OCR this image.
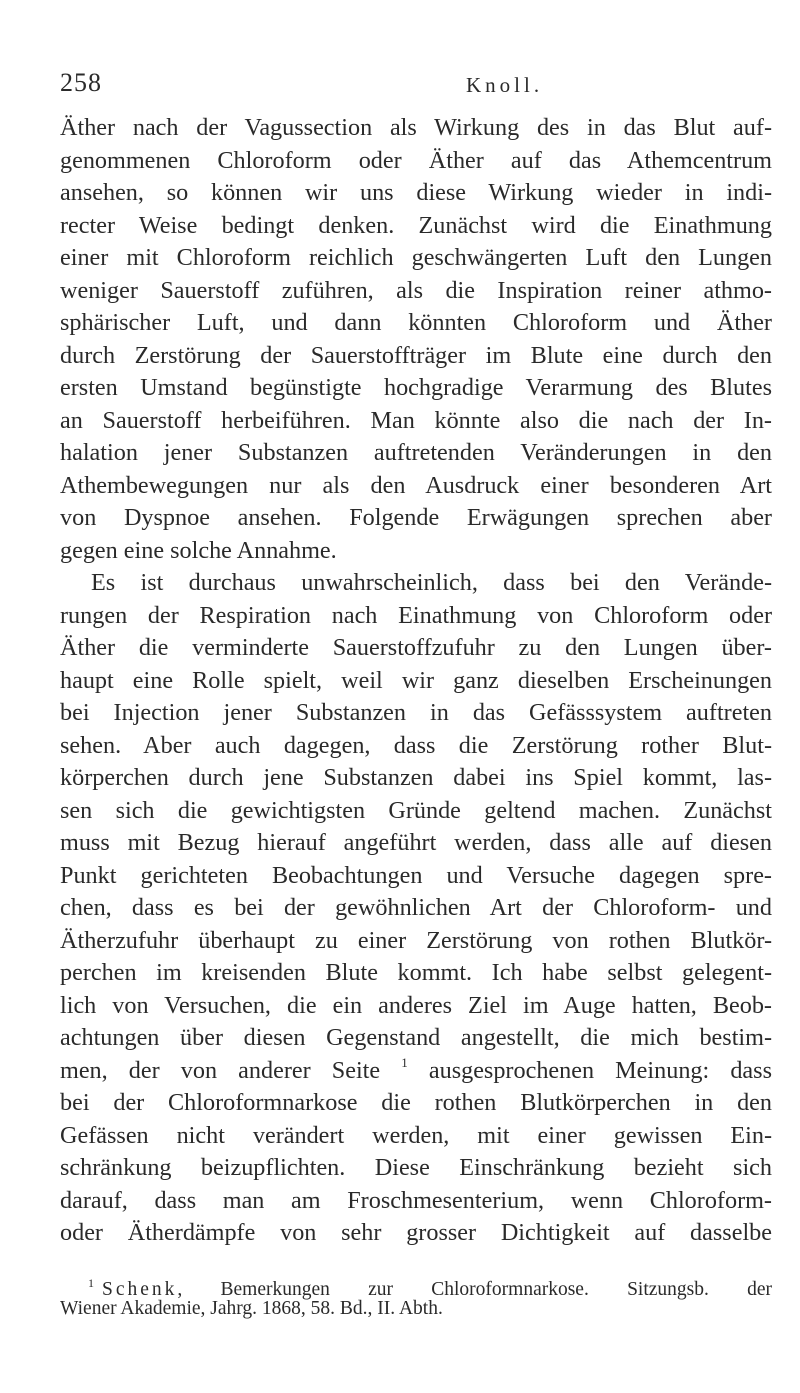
258	Knoll.
Äther nach der Vagussection als Wirkung des in das Blut auf-
genommenen Chloroform oder Äther auf das Athemcentrum
ansehen, so können wir uns diese Wirkung wieder in indi-
recter Weise bedingt denken. Zunächst wird die Einathmung
einer mit Chloroform reichlich geschwängerten Luft den Lungen
weniger Sauerstoff zuführen, als die Inspiration reiner athmo-
sphärischer Luft, und dann könnten Chloroform und Äther
durch Zerstörung der Sauerstoffträger im Blute eine durch den
ersten Umstand begünstigte hochgradige Verarmung des Blutes
an Sauerstoff herbeiführen. Man könnte also die nach der In-
halation jener Substanzen auftretenden Veränderungen in den
Athembewegungen nur als den Ausdruck einer besonderen Art
von Dyspnoe ansehen. Folgende Erwägungen sprechen aber
gegen eine solche Annahme.
Es ist durchaus unwahrscheinlich, dass bei den Verände-
rungen der Respiration nach Einathmung von Chloroform oder
Äther die verminderte Sauerstoffzufuhr zu den Lungen über-
haupt eine Rolle spielt, weil wir ganz dieselben Erscheinungen
bei Injection jener Substanzen in das Gefässsystem auftreten
sehen. Aber auch dagegen, dass die Zerstörung rother Blut-
körperchen durch jene Substanzen dabei ins Spiel kommt, las-
sen sich die gewichtigsten Gründe geltend machen. Zunächst
muss mit Bezug hierauf angeführt werden, dass alle auf diesen
Punkt gerichteten Beobachtungen und Versuche dagegen spre-
chen, dass es bei der gewöhnlichen Art der Chloroform- und
Ätherzufuhr überhaupt zu einer Zerstörung von rothen Blutkör-
perchen im kreisenden Blute kommt. Ich habe selbst gelegent-
lich von Versuchen, die ein anderes Ziel im Auge hatten, Beob-
achtungen über diesen Gegenstand angestellt, die mich bestim-
men, der von anderer Seite $^1$ ausgesprochenen Meinung: dass
bei der Chloroformnarkose die rothen Blutkörperchen in den
Gefässen nicht verändert werden, mit einer gewissen Ein-
schränkung beizupflichten. Diese Einschränkung bezieht sich
darauf, dass man am Froschmesenterium, wenn Chloroform-
oder Ätherdämpfe von sehr grosser Dichtigkeit auf dasselbe
$^1$ Schenk, Bemerkungen zur Chloroformnarkose. Sitzungsb. der
Wiener Akademie, Jahrg. 1868, 58. Bd., II. Abth.
